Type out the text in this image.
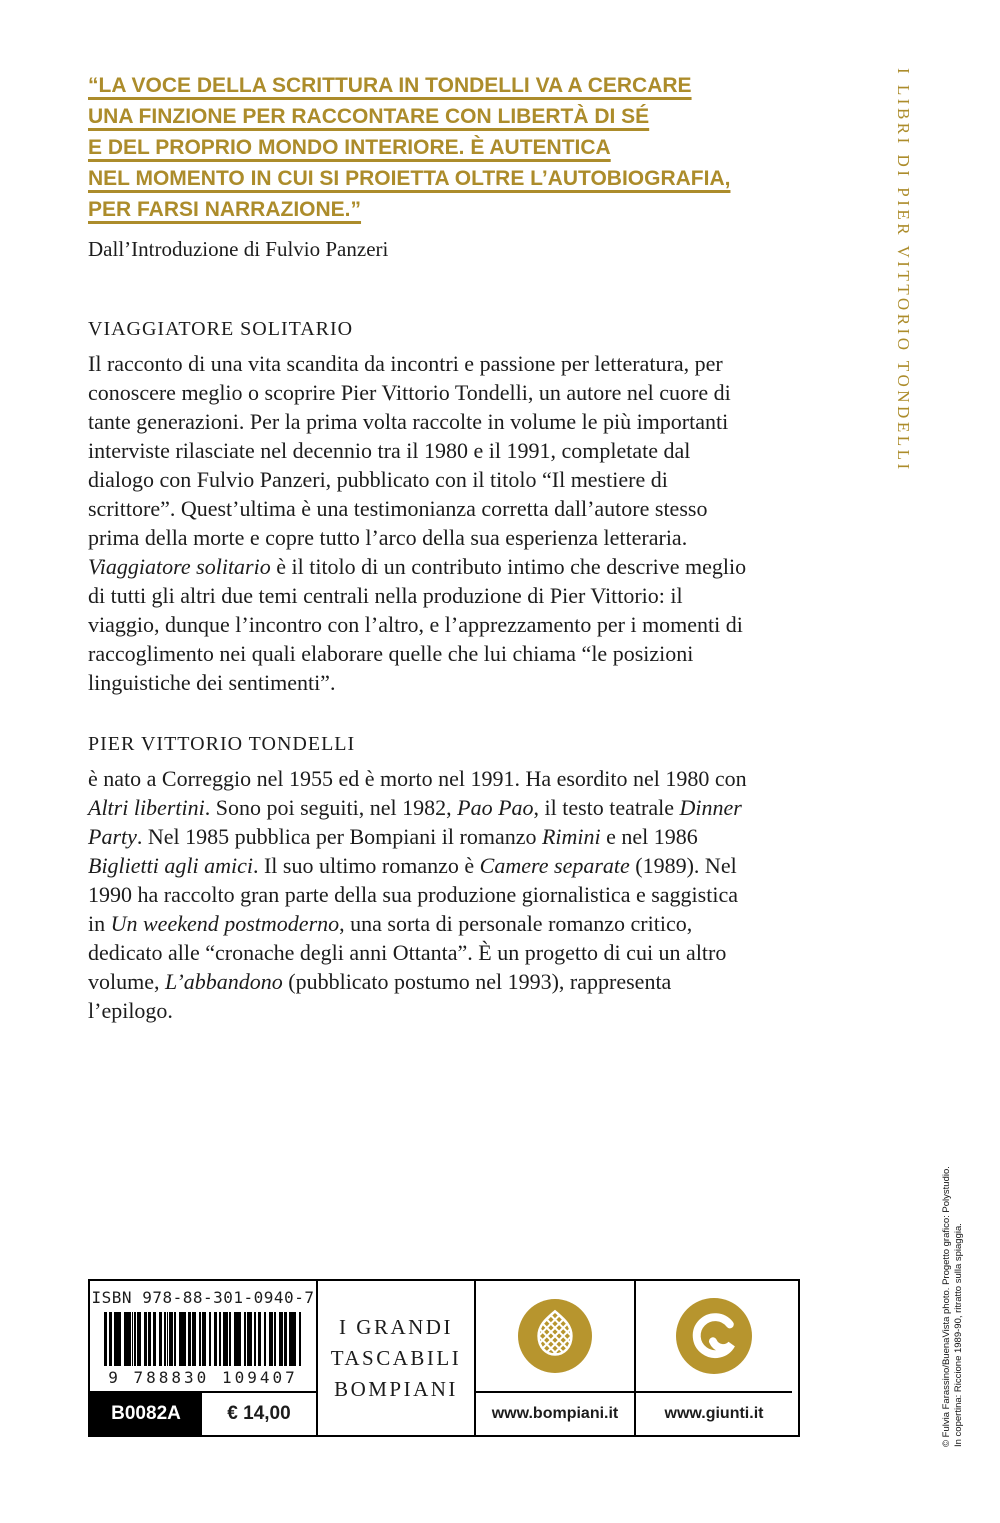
“LA VOCE DELLA SCRITTURA IN TONDELLI VA A CERCARE
UNA FINZIONE PER RACCONTARE CON LIBERTÀ DI SÉ
E DEL PROPRIO MONDO INTERIORE. È AUTENTICA
NEL MOMENTO IN CUI SI PROIETTA OLTRE L’AUTOBIOGRAFIA,
PER FARSI NARRAZIONE.”
Dall’Introduzione di Fulvio Panzeri
VIAGGIATORE SOLITARIO

Il racconto di una vita scandita da incontri e passione per letteratura, per conoscere meglio o scoprire Pier Vittorio Tondelli, un autore nel cuore di tante generazioni. Per la prima volta raccolte in volume le più importanti interviste rilasciate nel decennio tra il 1980 e il 1991, completate dal dialogo con Fulvio Panzeri, pubblicato con il titolo “Il mestiere di scrittore”. Quest’ultima è una testimonianza corretta dall’autore stesso prima della morte e copre tutto l’arco della sua esperienza letteraria. Viaggiatore solitario è il titolo di un contributo intimo che descrive meglio di tutti gli altri due temi centrali nella produzione di Pier Vittorio: il viaggio, dunque l’incontro con l’altro, e l’apprezzamento per i momenti di raccoglimento nei quali elaborare quelle che lui chiama “le posizioni linguistiche dei sentimenti”.

PIER VITTORIO TONDELLI

è nato a Correggio nel 1955 ed è morto nel 1991. Ha esordito nel 1980 con Altri libertini. Sono poi seguiti, nel 1982, Pao Pao, il testo teatrale Dinner Party. Nel 1985 pubblica per Bompiani il romanzo Rimini e nel 1986 Biglietti agli amici. Il suo ultimo romanzo è Camere separate (1989). Nel 1990 ha raccolto gran parte della sua produzione giornalistica e saggistica in Un weekend postmoderno, una sorta di personale romanzo critico, dedicato alle “cronache degli anni Ottanta”. È un progetto di cui un altro volume, L’abbandono (pubblicato postumo nel 1993), rappresenta l’epilogo.

I LIBRI DI PIER VITTORIO TONDELLI
© Fulvia Farassino/BuenaVista photo. Progetto grafico: Polystudio. In copertina: Riccione 1989-90, ritratto sulla spiaggia.
ISBN 978-88-301-0940-7
9 788830 109407
B0082A	€ 14,00
I GRANDI
TASCABILI
BOMPIANI
www.bompiani.it	www.giunti.it
